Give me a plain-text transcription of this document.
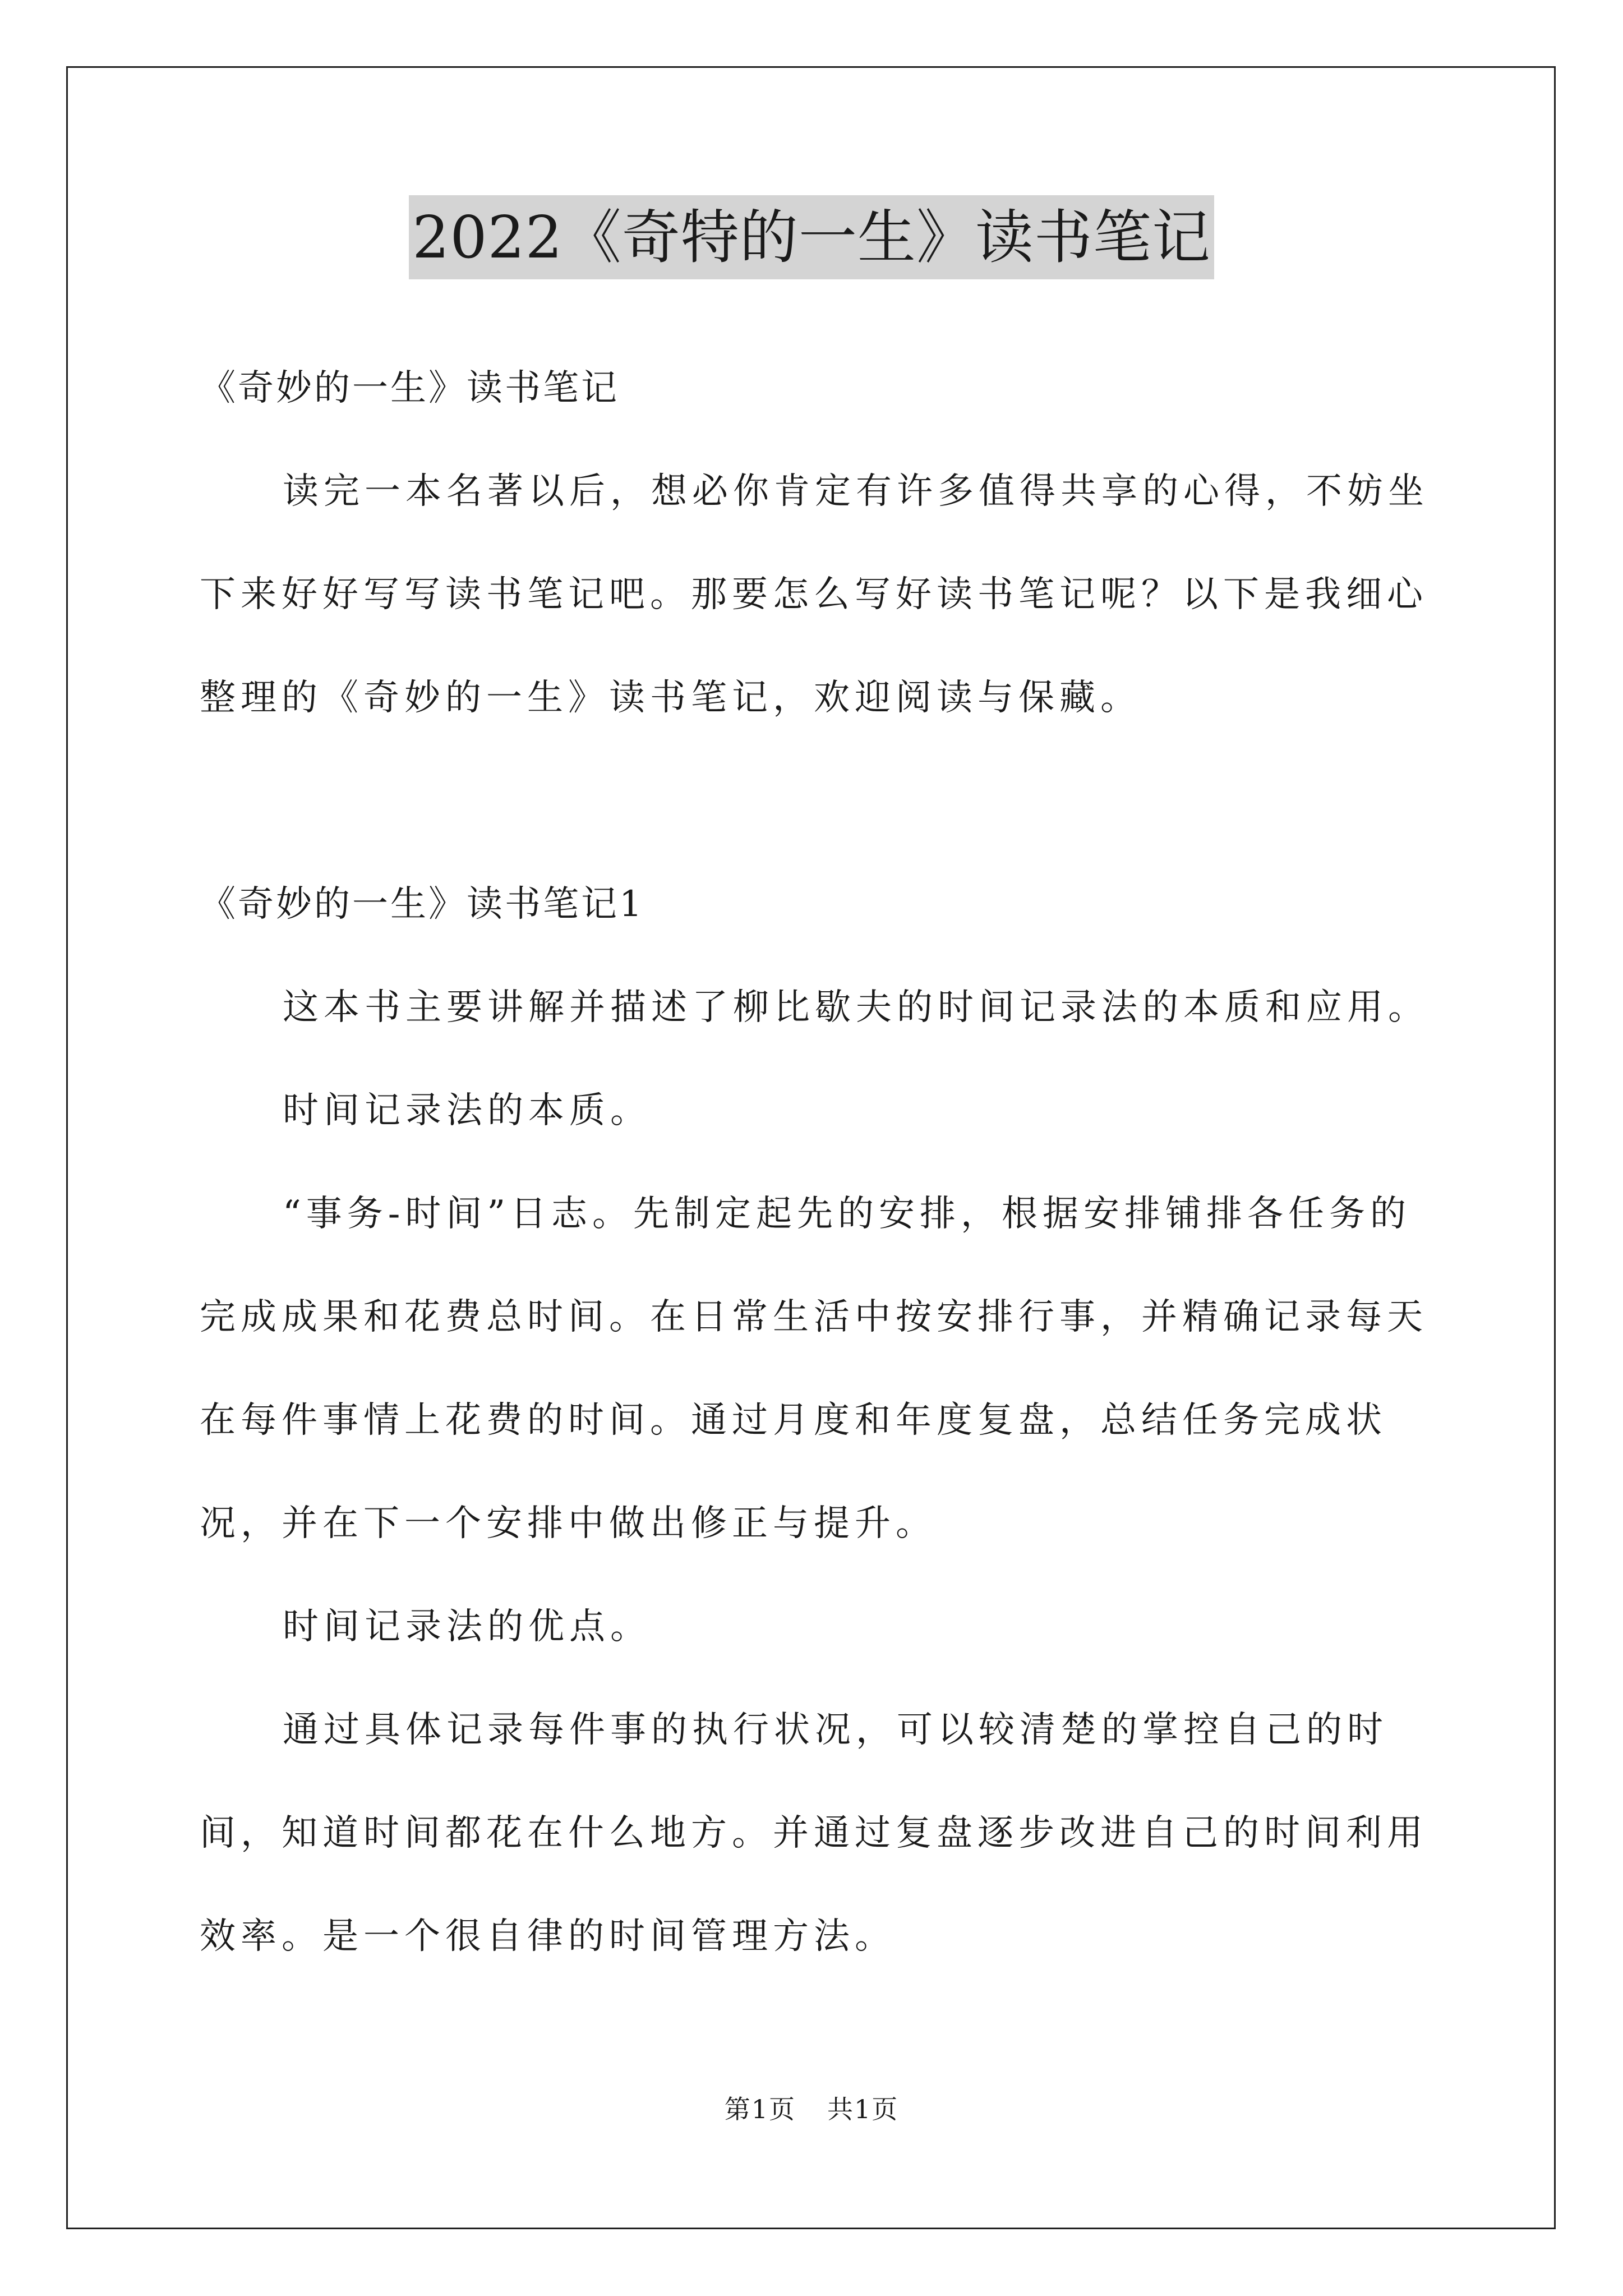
2022《奇特的一生》读书笔记

《奇妙的一生》读书笔记

读完一本名著以后，想必你肯定有许多值得共享的心得，不妨坐下来好好写写读书笔记吧。那要怎么写好读书笔记呢？以下是我细心整理的《奇妙的一生》读书笔记，欢迎阅读与保藏。

《奇妙的一生》读书笔记1

这本书主要讲解并描述了柳比歇夫的时间记录法的本质和应用。

时间记录法的本质。

“事务-时间”日志。先制定起先的安排，根据安排铺排各任务的完成成果和花费总时间。在日常生活中按安排行事，并精确记录每天在每件事情上花费的时间。通过月度和年度复盘，总结任务完成状况，并在下一个安排中做出修正与提升。

时间记录法的优点。

通过具体记录每件事的执行状况，可以较清楚的掌控自己的时间，知道时间都花在什么地方。并通过复盘逐步改进自己的时间利用效率。是一个很自律的时间管理方法。

第1页 共1页
